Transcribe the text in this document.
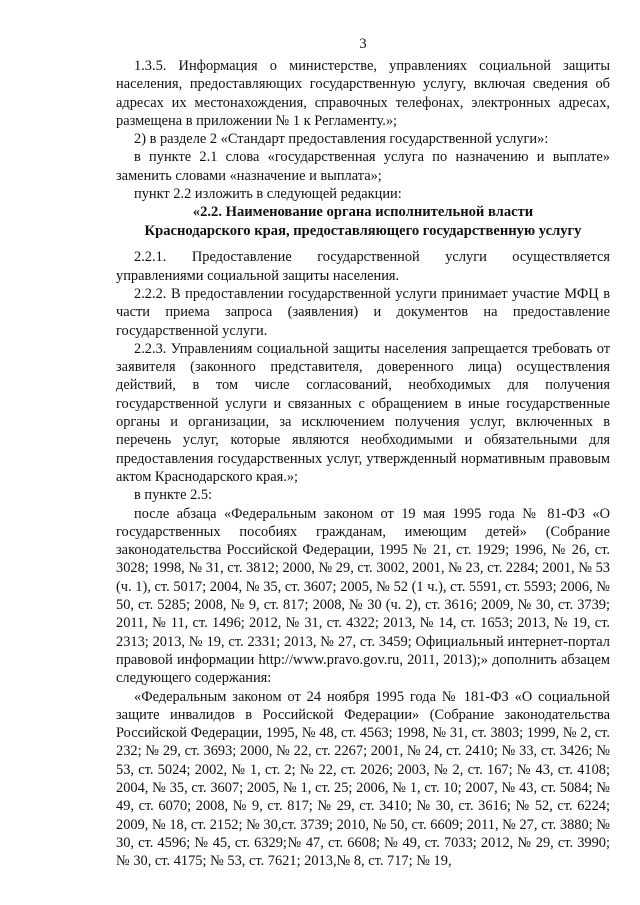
3

1.3.5. Информация о министерстве, управлениях социальной защиты населения, предоставляющих государственную услугу, включая сведения об адресах их местонахождения, справочных телефонах, электронных адресах, размещена в приложении № 1 к Регламенту.»;

2) в разделе 2 «Стандарт предоставления государственной услуги»:

в пункте 2.1 слова «государственная услуга по назначению и выплате» заменить словами «назначение и выплата»;

пункт 2.2 изложить в следующей редакции:

«2.2. Наименование органа исполнительной власти
Краснодарского края, предоставляющего государственную услугу

2.2.1. Предоставление государственной услуги осуществляется управлениями социальной защиты населения.

2.2.2. В предоставлении государственной услуги принимает участие МФЦ в части приема запроса (заявления) и документов на предоставление государственной услуги.

2.2.3. Управлениям социальной защиты населения запрещается требовать от заявителя (законного представителя, доверенного лица) осуществления действий, в том числе согласований, необходимых для получения государственной услуги и связанных с обращением в иные государственные органы и организации, за исключением получения услуг, включенных в перечень услуг, которые являются необходимыми и обязательными для предоставления государственных услуг, утвержденный нормативным правовым актом Краснодарского края.»;

в пункте 2.5:

после абзаца «Федеральным законом от 19 мая 1995 года № 81-ФЗ «О государственных пособиях гражданам, имеющим детей» (Собрание законодательства Российской Федерации, 1995 № 21, ст. 1929; 1996, № 26, ст. 3028; 1998, № 31, ст. 3812; 2000, № 29, ст. 3002, 2001, № 23, ст. 2284; 2001, № 53 (ч. 1), ст. 5017; 2004, № 35, ст. 3607; 2005, № 52 (1 ч.), ст. 5591, ст. 5593; 2006, № 50, ст. 5285; 2008, № 9, ст. 817; 2008, № 30 (ч. 2), ст. 3616; 2009, № 30, ст. 3739; 2011, № 11, ст. 1496; 2012, № 31, ст. 4322; 2013, № 14, ст. 1653; 2013, № 19, ст. 2313; 2013, № 19, ст. 2331; 2013, № 27, ст. 3459; Официальный интернет-портал правовой информации http://www.pravo.gov.ru, 2011, 2013);» дополнить абзацем следующего содержания:

«Федеральным законом от 24 ноября 1995 года № 181-ФЗ «О социальной защите инвалидов в Российской Федерации» (Собрание законодательства Российской Федерации, 1995, № 48, ст. 4563; 1998, № 31, ст. 3803; 1999, № 2, ст. 232; № 29, ст. 3693; 2000, № 22, ст. 2267; 2001, № 24, ст. 2410; № 33, ст. 3426; № 53, ст. 5024; 2002, № 1, ст. 2; № 22, ст. 2026; 2003, № 2, ст. 167; № 43, ст. 4108; 2004, № 35, ст. 3607; 2005, № 1, ст. 25; 2006, № 1, ст. 10; 2007, № 43, ст. 5084; № 49, ст. 6070; 2008, № 9, ст. 817; № 29, ст. 3410; № 30, ст. 3616; № 52, ст. 6224; 2009, № 18, ст. 2152; № 30,ст. 3739; 2010, № 50, ст. 6609; 2011, № 27, ст. 3880; № 30, ст. 4596; № 45, ст. 6329;№ 47, ст. 6608; № 49, ст. 7033; 2012, № 29, ст. 3990; № 30, ст. 4175; № 53, ст. 7621; 2013,№ 8, ст. 717; № 19,
